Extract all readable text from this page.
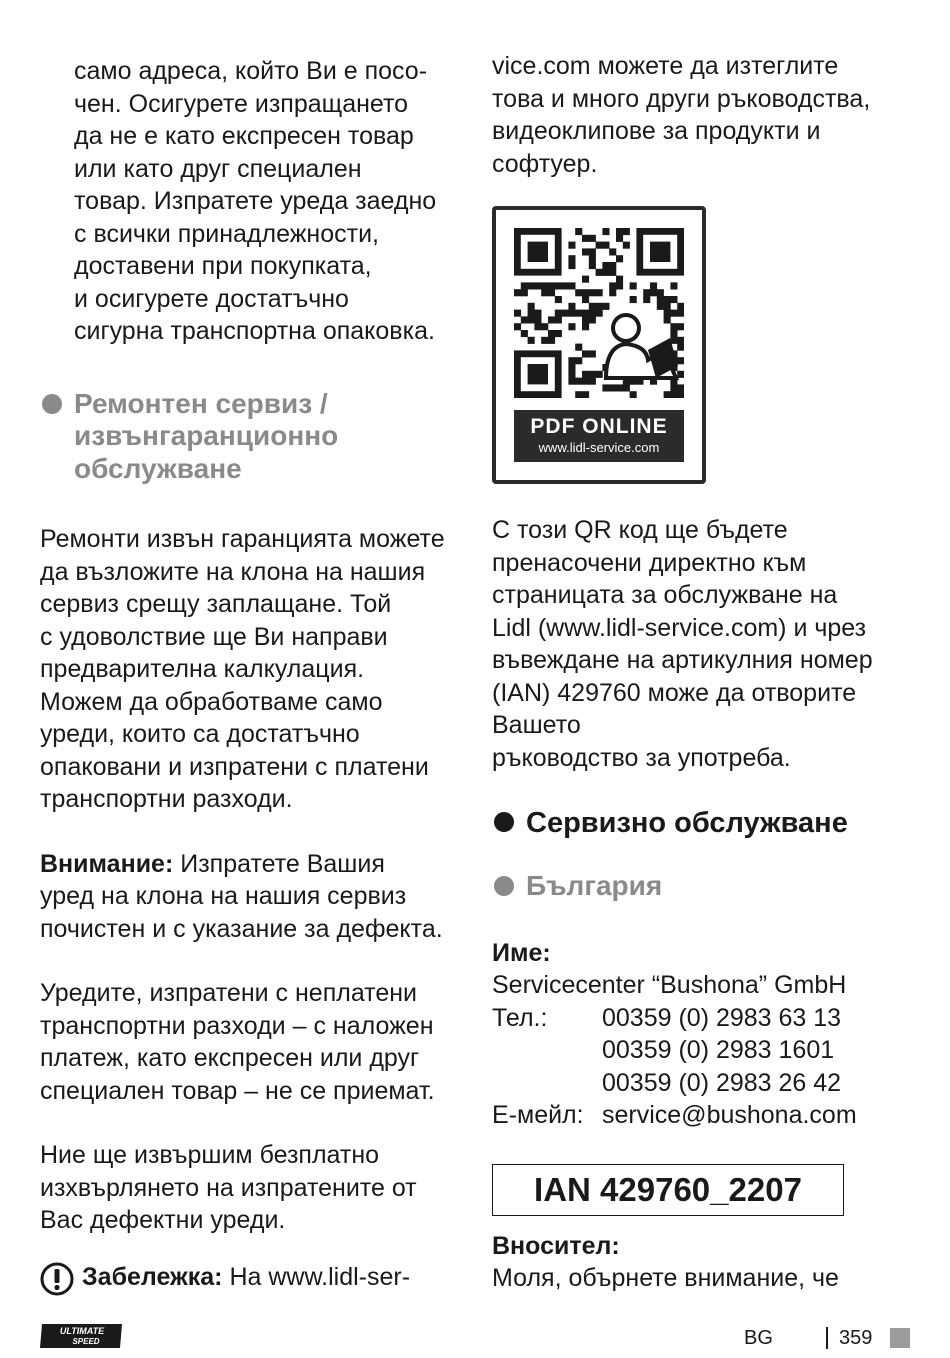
само адреса, който Ви е посо-

чен. Осигурете изпращането

да не е като експресен товар

или като друг специален

товар. Изпратете уреда заедно

с всички принадлежности,

доставени при покупката,

и осигурете достатъчно

сигурна транспортна опаковка.

Ремонтен сервиз /
извънгаранционно
обслужване

Ремонти извън гаранцията можете

да възложите на клона на нашия

сервиз срещу заплащане. Той

с удоволствие ще Ви направи

предварителна калкулация.

Можем да обработваме само

уреди, които са достатъчно

опаковани и изпратени с платени

транспортни разходи.

Внимание: Изпратете Вашия

уред на клона на нашия сервиз

почистен и с указание за дефекта.

Уредите, изпратени с неплатени

транспортни разходи – с наложен

платеж, като експресен или друг

специален товар – не се приемат.

Ние ще извършим безплатно

изхвърлянето на изпратените от

Вас дефектни уреди.

Забележка: На www.lidl-ser-

vice.com можете да изтеглите

това и много други ръководства,

видеоклипове за продукти и

софтуер.

PDF ONLINE
www.lidl-service.com

С този QR код ще бъдете

пренасочени директно към

страницата за обслужване на

Lidl (www.lidl-service.com) и чрез

въвеждане на артикулния номер

(IAN) 429760 може да отворите

Вашето

ръководство за употреба.

Сервизно обслужване
България

Име:

Servicecenter “Bushona” GmbH

Тел.:	00359 (0) 2983 63 13
	00359 (0) 2983 1601
	00359 (0) 2983 26 42
Е-мейл:	service@bushona.com
IAN 429760_2207

Вносител:

Моля, обърнете внимание, че

ULTIMATE
SPEED	BG	359
